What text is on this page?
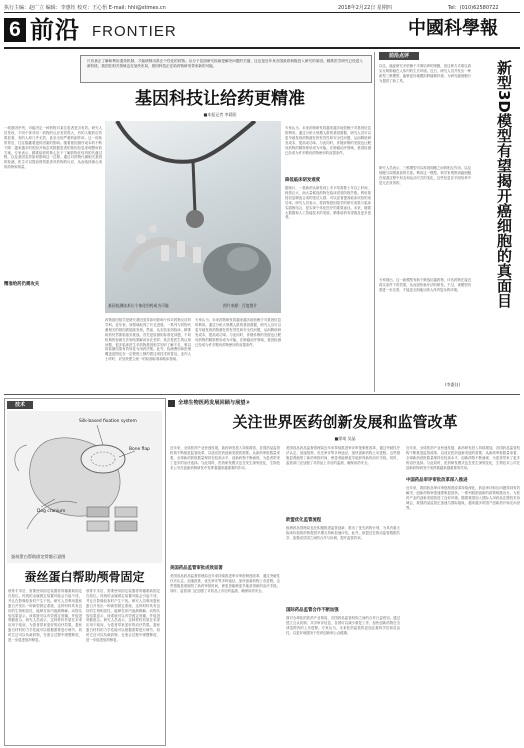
执行主编：赵广立 编辑：李惠钰 校对：王心怡 E-mail: hhli@stimes.cn	2018年2月22日 星期四	Tel：(010)62580722
6 前沿 FRONTIER	中國科學報
只有真正了解和利用遗传机制，才能研制出真正个性化的药物。从分子层面研究疾病是解决问题的关键，这也是近年来各国政府积极投入研究的原因。精准医学研究已经进入新阶段，我国在相关领域也在加快布局，基因科技正在给药物研发带来新的可能。
基因科技让给药更精准
■本报记者 李晨阳
一段基因序列，可能决定一种药物对某位患者是否有效。研究人员发现，不同个体对同一药物的反应差异很大，有的人服药后效果显著，有的人却几乎无效，甚至出现严重的副作用。这一现象的背后，往往隐藏着遗传因素的影响。随着基因测序成本的不断下降，越来越多的医院开始尝试根据患者的基因信息来调整用药方案。专家表示，精准给药的核心在于了解药物在体内的代谢过程，以及基因变异如何影响这一过程。通过对药物代谢相关基因的检测，医生可以提前预判患者对药物的反应，从而选择最合适的药物和剂量。
基因检测技术让个体化用药成为可能	图片来源：百度图片
药物基因组学是研究基因变异如何影响个体对药物反应的学科。近年来，该领域取得了长足进展，一系列与药物代谢相关的基因被陆续发现。然而，从实验室到临床，精准给药仍然面临诸多挑战。首先是检测的标准化问题，不同机构的检测方法和结果解读存在差异；其次是医生的认知问题，很多临床医生对药物基因组学知识了解不足，难以将检测结果有效转化为用药决策。此外，检测费用和医保覆盖范围也在一定程度上制约着这项技术的普及。业内人士呼吁，应加快建立统一的检测标准和临床指南。
精准给药仍需攻关
专家认为，未来药物研发将越来越多地依赖于对基因信息的利用。通过分析大规模人群的基因数据，研究人员可以更早地发现药物潜在的有效性和安全性问题，从而降低研发成本，提高成功率。与此同时，伴随诊断的发展也让靶向药物的精准使用成为可能。在肿瘤治疗领域，基因检测已经成为许多靶向药物使用的前提条件。
降低临床研发难度
专家认为，未来药物研发将越来越多地依赖于对基因信息的利用。通过分析大规模人群的基因数据，研究人员可以更早地发现药物潜在的有效性和安全性问题，从而降低研发成本，提高成功率。与此同时，伴随诊断的发展也让靶向药物的精准使用成为可能。在肿瘤治疗领域，基因检测已经成为许多靶向药物使用的前提条件。
据统计，一款新药从研发到上市平均需要十年以上时间，耗资巨大，而大量候选药物在临床试验阶段失败。利用基因信息筛选合适的受试人群，可以显著提高临床试验的成功率。研究人员表示，将药物基因组学的研究成果与临床实践相结合，是实现个体化医疗的重要途径。未来，随着大数据和人工智能技术的发展，精准给药有望惠及更多患者。
前沿点评
以往，癌症研究多依赖于平面培养的细胞，但这种方式难以真实反映肿瘤在人体内的生长环境。近日，研究人员开发出一种新型三维模型，能够更好地模拟肿瘤微环境，为研究癌细胞行为提供了新工具。
研究人员表示，三维模型可以再现细胞之间的相互作用，以及细胞与周围基质的关系。利用这一模型，科学家观察到癌细胞在侵袭过程中形态和运动方式的变化，这些信息在平面培养中是无法获得的。
专家指出，这一新模型有助于筛选抗癌药物，评估药物在接近真实条件下的效果，从而加快新疗法的研发。不过，该模型仍需进一步完善，才能更全面地反映人体内复杂的环境。
(李惠钰)
新型3D模型有望揭开癌细胞的真面目
技术
Silk-based fixation system
Bone flap
Dog cranium
蚕丝蛋白帮助固定骨骼示意图
蚕丝蛋白帮助颅骨固定
颅骨手术后，需要使用固定装置将骨瓣重新固定在原位。传统的金属固定装置可能会引起不适，并且在影像检查时产生干扰。研究人员利用蚕丝蛋白开发出一种新型固定系统，这种材料具有良好的生物相容性，能够在体内逐渐降解。动物实验结果显示，该系统可以有效固定骨瓣，并促进骨骼愈合。研究人员表示，这种材料有望在未来应用于临床，为患者带来更好的治疗效果。蚕丝蛋白材料的力学性能可以根据需要进行调节，同时它还可以负载药物，在愈合过程中缓慢释放，进一步促进组织修复。
颅骨手术后，需要使用固定装置将骨瓣重新固定在原位。传统的金属固定装置可能会引起不适，并且在影像检查时产生干扰。研究人员利用蚕丝蛋白开发出一种新型固定系统，这种材料具有良好的生物相容性，能够在体内逐渐降解。动物实验结果显示，该系统可以有效固定骨瓣，并促进骨骼愈合。研究人员表示，这种材料有望在未来应用于临床，为患者带来更好的治疗效果。蚕丝蛋白材料的力学性能可以根据需要进行调节，同时它还可以负载药物，在愈合过程中缓慢释放，进一步促进组织修复。
全球生物医药发展回顾与展望②
关注世界医药创新发展和监管改革
■徐琦 吴晶
近年来，全球医药产业快速发展，新药研发投入持续增加，各国药品监管机构不断推进监管改革，以适应医药创新发展的需要。从新药审批数量来看，全球新药获批数量保持在较高水平，创新药物不断涌现，为患者带来了更多的治疗选择。与此同时，医药研发模式也在发生深刻变化，生物技术公司在创新药物研发中发挥着越来越重要的作用。
美国药品监管审批成效显著
美国食品药品监督管理局近年来持续推进审评审批制度改革，通过突破性疗法认定、加速批准、优先审评等多种途径，加快创新药物上市进程。这些措施显著缩短了新药审批时间，使患者能够更早地获得新的治疗手段。同时，监管部门还加强了对药品上市后的监测，确保用药安全。
美国食品药品监督管理局近年来持续推进审评审批制度改革，通过突破性疗法认定、加速批准、优先审评等多种途径，加快创新药物上市进程。这些措施显著缩短了新药审批时间，使患者能够更早地获得新的治疗手段。同时，监管部门还加强了对药品上市后的监测，确保用药安全。
欧盟优化监管流程
欧洲药品管理局也在积极推进监管创新，推出了优先药物计划，为具有重大临床价值的药物提供早期支持和加速评估。此外，欧盟还在推动监管数据共享，加强成员国之间的合作与协调，提升监管效率。
国际药品监管合作不断加强
面对全球化的医药产业格局，各国药品监管机构之间的合作日益密切。通过建立互认机制、共享审评信息，各国可以减少重复工作，加快创新药物在全球范围内的上市进程。专家认为，未来医药监管将更加注重科学性和灵活性，以更好地服务于医药创新和公众健康。
中国药品审评审批改革深入推进
近年来，全球医药产业快速发展，新药研发投入持续增加，各国药品监管机构不断推进监管改革，以适应医药创新发展的需要。从新药审批数量来看，全球新药获批数量保持在较高水平，创新药物不断涌现，为患者带来了更多的治疗选择。与此同时，医药研发模式也在发生深刻变化，生物技术公司在创新药物研发中发挥着越来越重要的作用。
近年来，我国药品审评审批制度改革持续深化，药品审评积压问题得到有效解决，创新药物审批速度明显加快。一系列鼓励创新的政策相继出台，为医药产业的创新发展营造了良好环境。随着我国加入国际人用药品注册技术协调会，我国药品监管正加速与国际接轨，越来越多的国产创新药开始走向世界。
